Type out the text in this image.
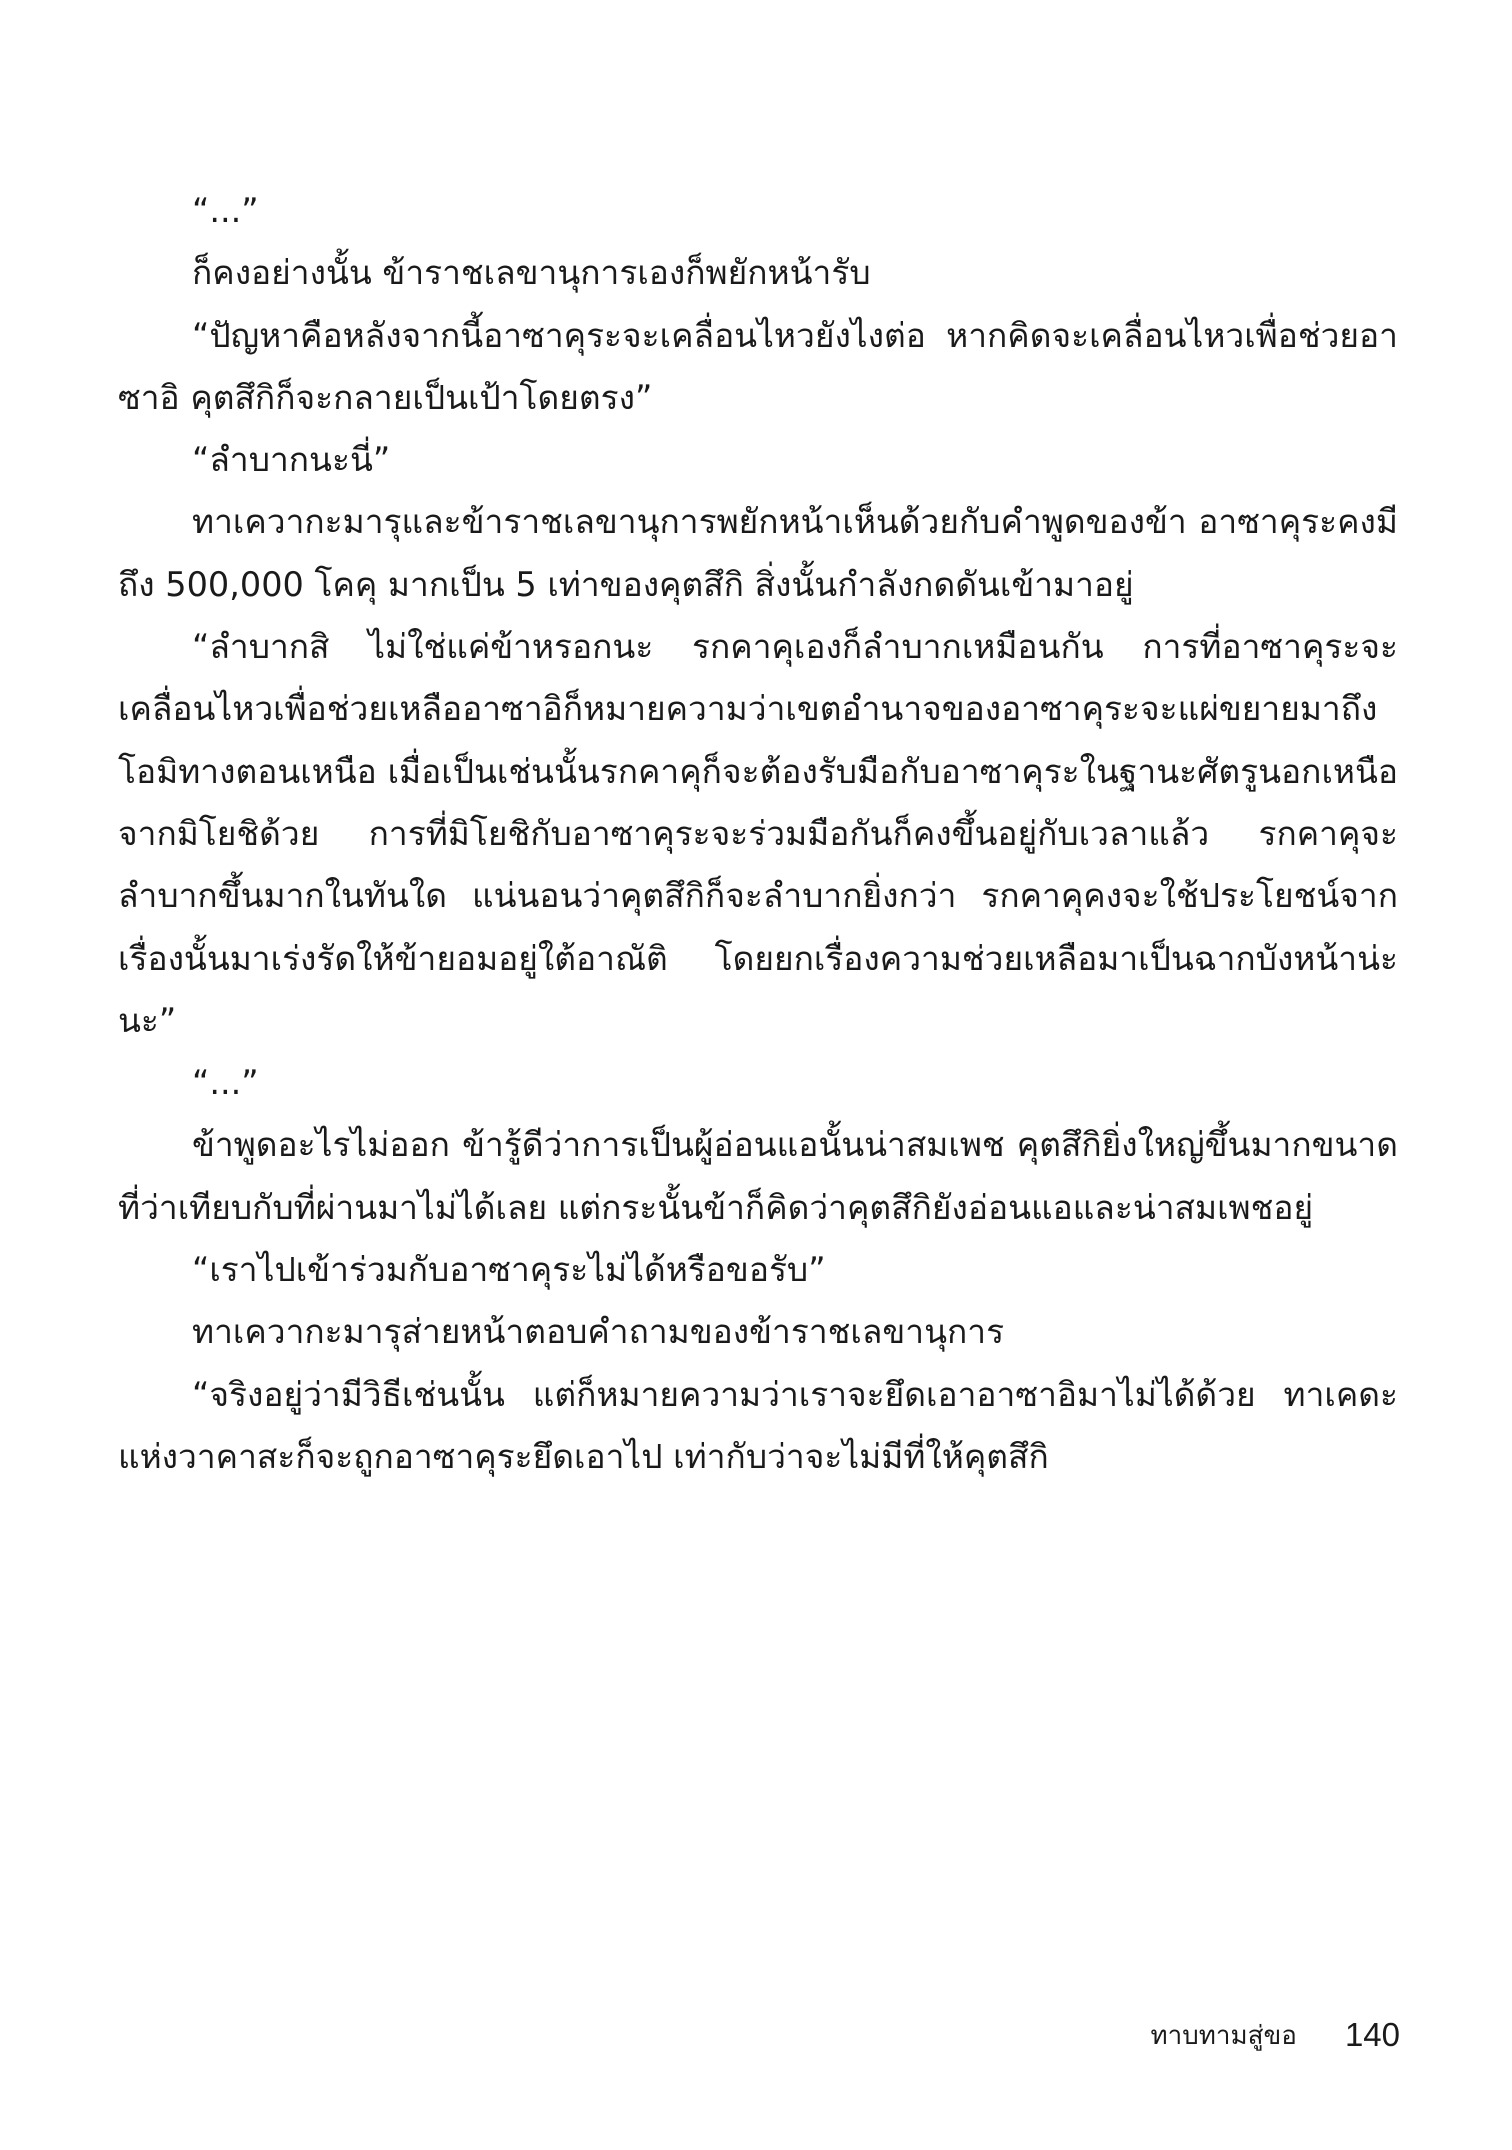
“...”

ก็คงอย่างนั้น ข้าราชเลขานุการเองก็พยักหน้ารับ

“ปัญหาคือหลังจากนี้อาซาคุระจะเคลื่อนไหวยังไงต่อ หากคิดจะเคลื่อนไหวเพื่อช่วยอาซาอิ คุตสึกิก็จะกลายเป็นเป้าโดยตรง”

“ลำบากนะนี่”

ทาเควากะมารุและข้าราชเลขานุการพยักหน้าเห็นด้วยกับคำพูดของข้า อาซาคุระคงมีถึง 500,000 โคคุ มากเป็น 5 เท่าของคุตสึกิ สิ่งนั้นกำลังกดดันเข้ามาอยู่

“ลำบากสิ ไม่ใช่แค่ข้าหรอกนะ รกคาคุเองก็ลำบากเหมือนกัน การที่อาซาคุระจะเคลื่อนไหวเพื่อช่วยเหลืออาซาอิก็หมายความว่าเขตอำนาจของอาซาคุระจะแผ่ขยายมาถึงโอมิทางตอนเหนือ เมื่อเป็นเช่นนั้นรกคาคุก็จะต้องรับมือกับอาซาคุระในฐานะศัตรูนอกเหนือจากมิโยชิด้วย การที่มิโยชิกับอาซาคุระจะร่วมมือกันก็คงขึ้นอยู่กับเวลาแล้ว รกคาคุจะลำบากขึ้นมากในทันใด แน่นอนว่าคุตสึกิก็จะลำบากยิ่งกว่า รกคาคุคงจะใช้ประโยชน์จากเรื่องนั้นมาเร่งรัดให้ข้ายอมอยู่ใต้อาณัติ โดยยกเรื่องความช่วยเหลือมาเป็นฉากบังหน้าน่ะนะ”

“...”

ข้าพูดอะไรไม่ออก ข้ารู้ดีว่าการเป็นผู้อ่อนแอนั้นน่าสมเพช คุตสึกิยิ่งใหญ่ขึ้นมากขนาดที่ว่าเทียบกับที่ผ่านมาไม่ได้เลย แต่กระนั้นข้าก็คิดว่าคุตสึกิยังอ่อนแอและน่าสมเพชอยู่

“เราไปเข้าร่วมกับอาซาคุระไม่ได้หรือขอรับ”

ทาเควากะมารุส่ายหน้าตอบคำถามของข้าราชเลขานุการ

“จริงอยู่ว่ามีวิธีเช่นนั้น แต่ก็หมายความว่าเราจะยึดเอาอาซาอิมาไม่ได้ด้วย ทาเคดะแห่งวาคาสะก็จะถูกอาซาคุระยึดเอาไป เท่ากับว่าจะไม่มีที่ให้คุตสึกิ

ทาบทามสู่ขอ 140
